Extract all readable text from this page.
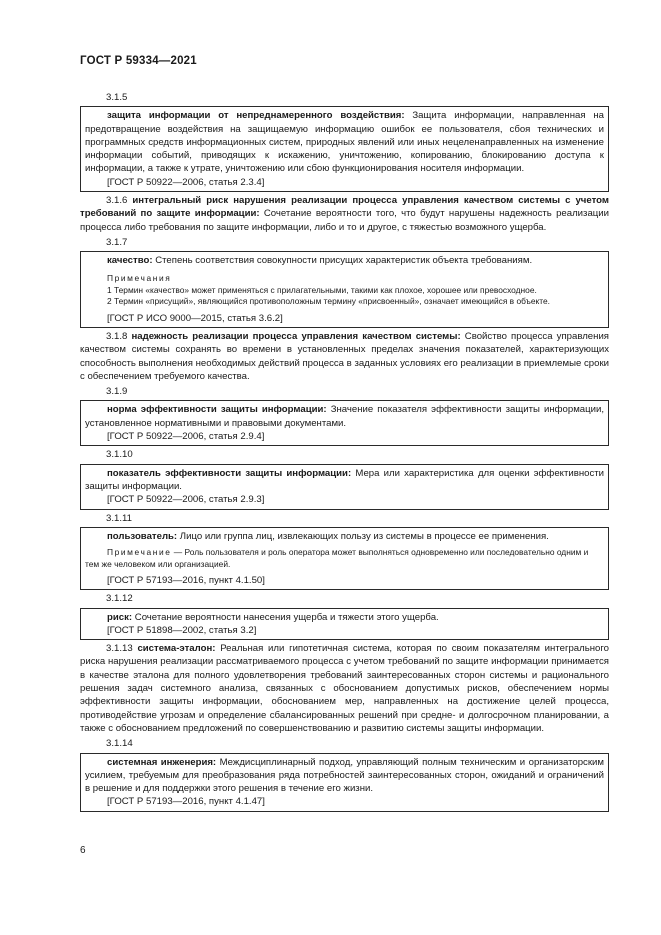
ГОСТ Р 59334—2021

3.1.5

защита информации от непреднамеренного воздействия: Защита информации, направленная на предотвращение воздействия на защищаемую информацию ошибок ее пользователя, сбоя технических и программных средств информационных систем, природных явлений или иных нецеленаправленных на изменение информации событий, приводящих к искажению, уничтожению, копированию, блокированию доступа к информации, а также к утрате, уничтожению или сбою функционирования носителя информации.

[ГОСТ Р 50922—2006, статья 2.3.4]

3.1.6 интегральный риск нарушения реализации процесса управления качеством системы с учетом требований по защите информации: Сочетание вероятности того, что будут нарушены надежность реализации процесса либо требования по защите информации, либо и то и другое, с тяжестью возможного ущерба.

3.1.7

качество: Степень соответствия совокупности присущих характеристик объекта требованиям.

Примечания

1 Термин «качество» может применяться с прилагательными, такими как плохое, хорошее или превосходное.

2 Термин «присущий», являющийся противоположным термину «присвоенный», означает имеющийся в объекте.

[ГОСТ Р ИСО 9000—2015, статья 3.6.2]

3.1.8 надежность реализации процесса управления качеством системы: Свойство процесса управления качеством системы сохранять во времени в установленных пределах значения показателей, характеризующих способность выполнения необходимых действий процесса в заданных условиях его реализации в приемлемые сроки с обеспечением требуемого качества.

3.1.9

норма эффективности защиты информации: Значение показателя эффективности защиты информации, установленное нормативными и правовыми документами.

[ГОСТ Р 50922—2006, статья 2.9.4]

3.1.10

показатель эффективности защиты информации: Мера или характеристика для оценки эффективности защиты информации.

[ГОСТ Р 50922—2006, статья 2.9.3]

3.1.11

пользователь: Лицо или группа лиц, извлекающих пользу из системы в процессе ее применения.

Примечание — Роль пользователя и роль оператора может выполняться одновременно или последовательно одним и тем же человеком или организацией.

[ГОСТ Р 57193—2016, пункт 4.1.50]

3.1.12

риск: Сочетание вероятности нанесения ущерба и тяжести этого ущерба.

[ГОСТ Р 51898—2002, статья 3.2]

3.1.13 система-эталон: Реальная или гипотетичная система, которая по своим показателям интегрального риска нарушения реализации рассматриваемого процесса с учетом требований по защите информации принимается в качестве эталона для полного удовлетворения требований заинтересованных сторон системы и рационального решения задач системного анализа, связанных с обоснованием допустимых рисков, обеспечением нормы эффективности защиты информации, обоснованием мер, направленных на достижение целей процесса, противодействие угрозам и определение сбалансированных решений при средне- и долгосрочном планировании, а также с обоснованием предложений по совершенствованию и развитию системы защиты информации.

3.1.14

системная инженерия: Междисциплинарный подход, управляющий полным техническим и организаторским усилием, требуемым для преобразования ряда потребностей заинтересованных сторон, ожиданий и ограничений в решение и для поддержки этого решения в течение его жизни.

[ГОСТ Р 57193—2016, пункт 4.1.47]

6
